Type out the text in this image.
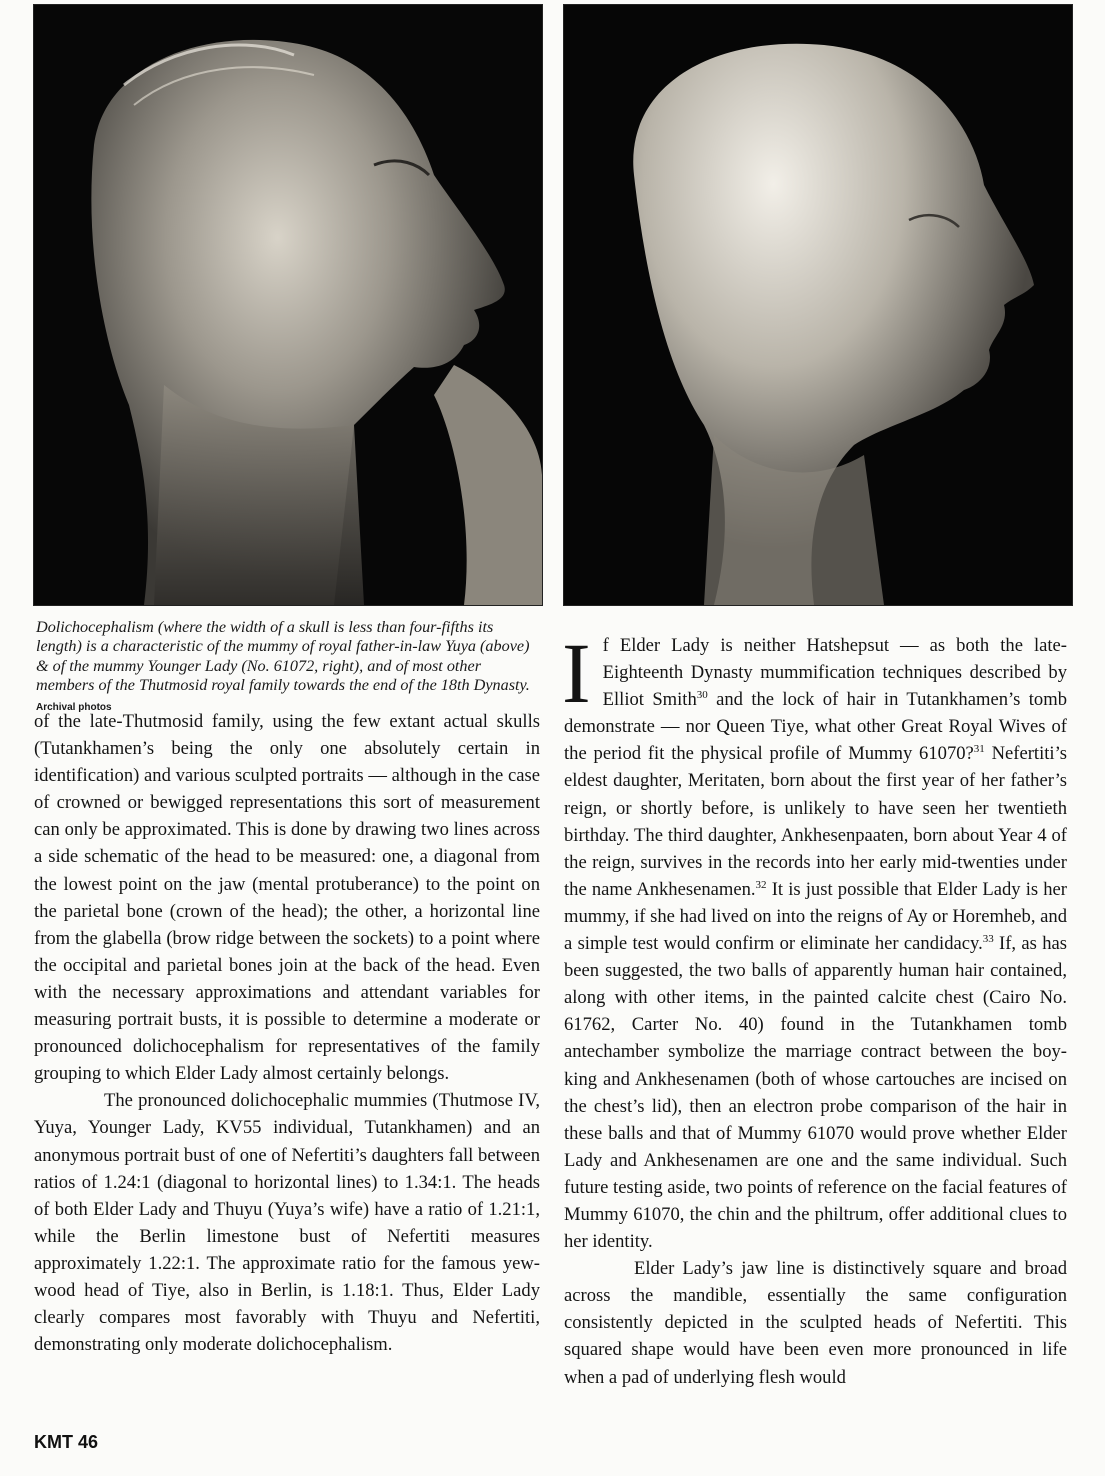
Dolichocephalism (where the width of a skull is less than four-fifths its length) is a characteristic of the mummy of royal father-in-law Yuya (above) & of the mummy Younger Lady (No. 61072, right), and of most other members of the Thutmosid royal family towards the end of the 18th Dynasty. Archival photos

of the late-Thutmosid family, using the few extant actual skulls (Tutankhamen’s being the only one absolutely certain in identification) and various sculpted portraits — although in the case of crowned or bewigged representations this sort of measurement can only be approximated. This is done by drawing two lines across a side schematic of the head to be measured: one, a diagonal from the lowest point on the jaw (mental protuberance) to the point on the parietal bone (crown of the head); the other, a horizontal line from the glabella (brow ridge between the sockets) to a point where the occipital and parietal bones join at the back of the head. Even with the necessary approximations and attendant variables for measuring portrait busts, it is possible to determine a moderate or pronounced dolichocephalism for representatives of the family grouping to which Elder Lady almost certainly belongs.

The pronounced dolichocephalic mummies (Thutmose IV, Yuya, Younger Lady, KV55 individual, Tutankhamen) and an anonymous portrait bust of one of Nefertiti’s daughters fall between ratios of 1.24:1 (diagonal to horizontal lines) to 1.34:1. The heads of both Elder Lady and Thuyu (Yuya’s wife) have a ratio of 1.21:1, while the Berlin limestone bust of Nefertiti measures approximately 1.22:1. The approximate ratio for the famous yew-wood head of Tiye, also in Berlin, is 1.18:1. Thus, Elder Lady clearly compares most favorably with Thuyu and Nefertiti, demonstrating only moderate dolichocephalism.

If Elder Lady is neither Hatshepsut — as both the late-Eighteenth Dynasty mummification techniques described by Elliot Smith$^{30}$ and the lock of hair in Tutankhamen’s tomb demonstrate — nor Queen Tiye, what other Great Royal Wives of the period fit the physical profile of Mummy 61070?$^{31}$ Nefertiti’s eldest daughter, Meritaten, born about the first year of her father’s reign, or shortly before, is unlikely to have seen her twentieth birthday. The third daughter, Ankhesenpaaten, born about Year 4 of the reign, survives in the records into her early mid-twenties under the name Ankhesenamen.$^{32}$ It is just possible that Elder Lady is her mummy, if she had lived on into the reigns of Ay or Horemheb, and a simple test would confirm or eliminate her candidacy.$^{33}$ If, as has been suggested, the two balls of apparently human hair contained, along with other items, in the painted calcite chest (Cairo No. 61762, Carter No. 40) found in the Tutankhamen tomb antechamber symbolize the marriage contract between the boy-king and Ankhesenamen (both of whose cartouches are incised on the chest’s lid), then an electron probe comparison of the hair in these balls and that of Mummy 61070 would prove whether Elder Lady and Ankhesenamen are one and the same individual. Such future testing aside, two points of reference on the facial features of Mummy 61070, the chin and the philtrum, offer additional clues to her identity.

Elder Lady’s jaw line is distinctively square and broad across the mandible, essentially the same configuration consistently depicted in the sculpted heads of Nefertiti. This squared shape would have been even more pronounced in life when a pad of underlying flesh would

KMT 46
